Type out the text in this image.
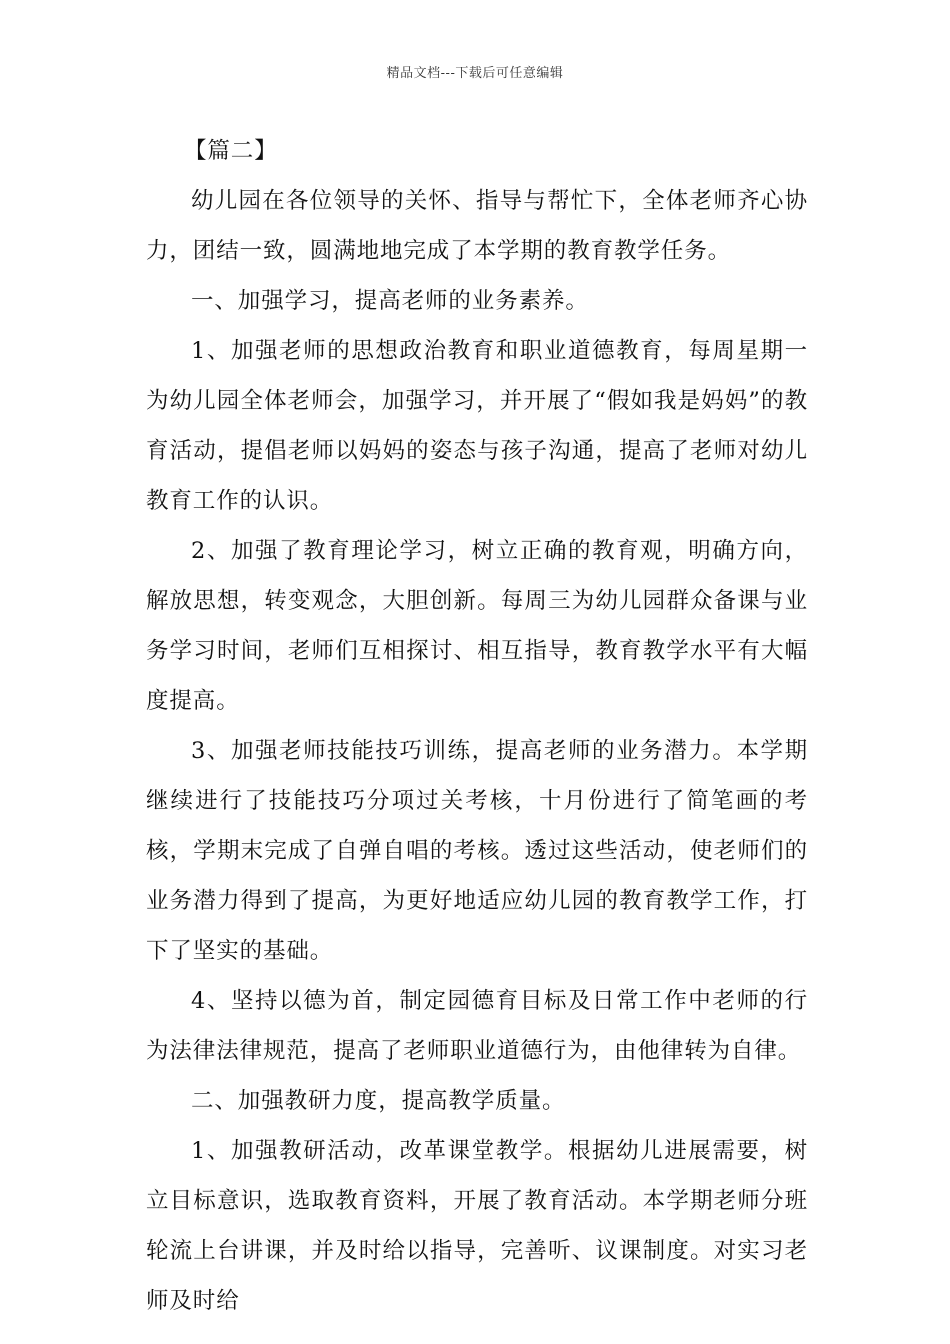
精品文档---下载后可任意编辑

【篇二】

幼儿园在各位领导的关怀、指导与帮忙下，全体老师齐心协力，团结一致，圆满地地完成了本学期的教育教学任务。

一、加强学习，提高老师的业务素养。

1、加强老师的思想政治教育和职业道德教育，每周星期一为幼儿园全体老师会，加强学习，并开展了“假如我是妈妈”的教育活动，提倡老师以妈妈的姿态与孩子沟通，提高了老师对幼儿教育工作的认识。

2、加强了教育理论学习，树立正确的教育观，明确方向，解放思想，转变观念，大胆创新。每周三为幼儿园群众备课与业务学习时间，老师们互相探讨、相互指导，教育教学水平有大幅度提高。

3、加强老师技能技巧训练，提高老师的业务潜力。本学期继续进行了技能技巧分项过关考核，十月份进行了简笔画的考核，学期末完成了自弹自唱的考核。透过这些活动，使老师们的业务潜力得到了提高，为更好地适应幼儿园的教育教学工作，打下了坚实的基础。

4、坚持以德为首，制定园德育目标及日常工作中老师的行为法律法律规范，提高了老师职业道德行为，由他律转为自律。

二、加强教研力度，提高教学质量。

1、加强教研活动，改革课堂教学。根据幼儿进展需要，树立目标意识，选取教育资料，开展了教育活动。本学期老师分班轮流上台讲课，并及时给以指导，完善听、议课制度。对实习老师及时给
